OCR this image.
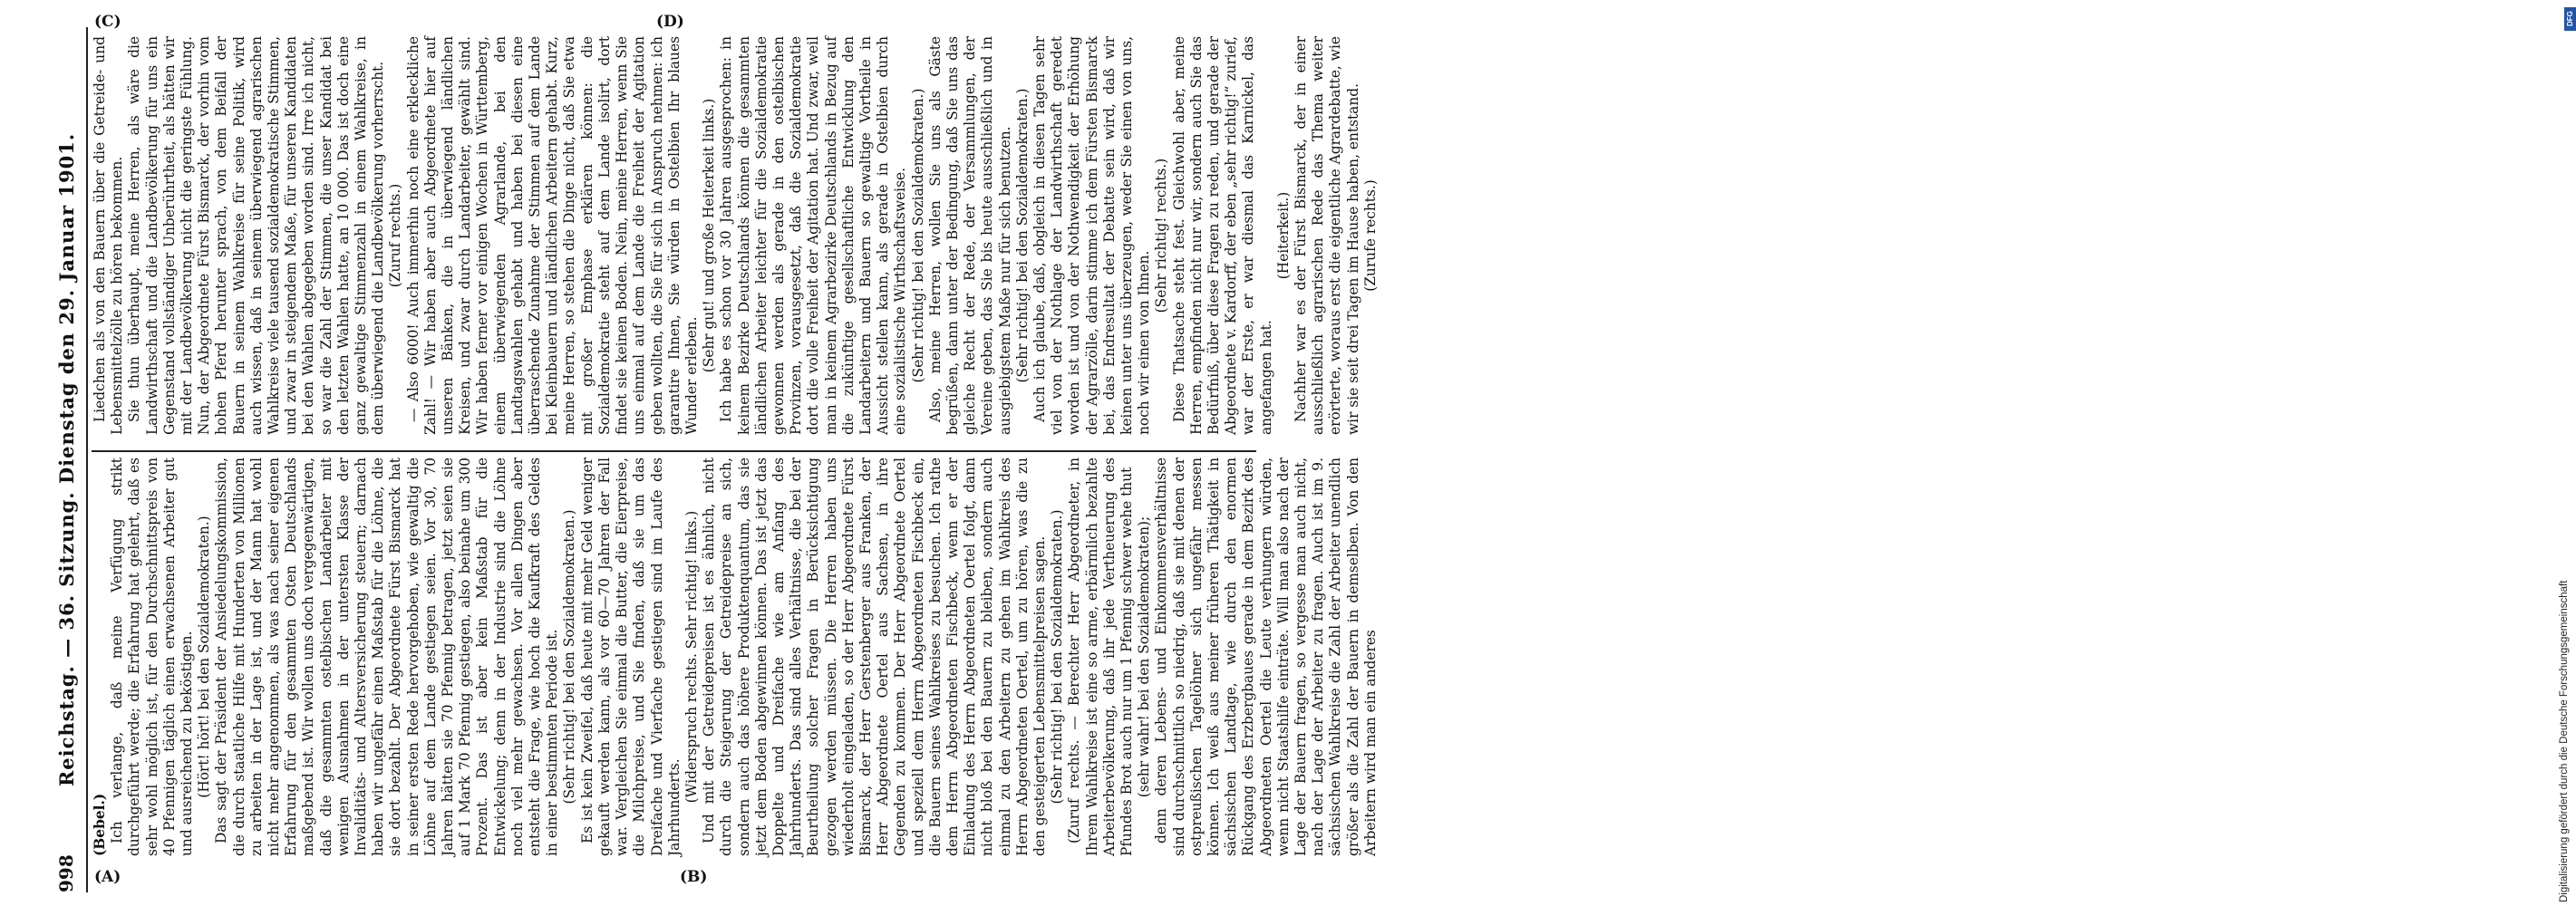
998
Reichstag. — 36. Sitzung. Dienstag den 29. Januar 1901.

(Bebel.) Ich verlange, daß meine Verfügung strikt durchgeführt werde; die Erfahrung hat gelehrt, daß es sehr wohl möglich ist, für den Durchschnittspreis von 40 Pfennigen täglich einen erwachsenen Arbeiter gut und ausreichend zu beköstigen. (Hört! hört! bei den Sozialdemokraten.) Das sagt der Präsident der Ansiedelungskommission, die durch staatliche Hilfe mit Hunderten von Millionen zu arbeiten in der Lage ist, und der Mann hat wohl nicht mehr angenommen, als was nach seiner eigenen Erfahrung für den gesammten Osten Deutschlands maßgebend ist. Wir wollen uns doch vergegenwärtigen, daß die gesammten ostelbischen Landarbeiter mit wenigen Ausnahmen in der untersten Klasse der Invaliditäts- und Altersversicherung steuern; darnach haben wir ungefähr einen Maßstab für die Löhne, die sie dort bezahlt. Der Abgeordnete Fürst Bismarck hat in seiner ersten Rede hervorgehoben, wie gewaltig die Löhne auf dem Lande gestiegen seien. Vor 30, 70 Jahren hätten sie 70 Pfennig betragen, jetzt seien sie auf 1 Mark 70 Pfennig gestiegen, also beinahe um 300 Prozent. Das ist aber kein Maßstab für die Entwickelung; denn in der Industrie sind die Löhne noch viel mehr gewachsen. Vor allen Dingen aber entsteht die Frage, wie hoch die Kaufkraft des Geldes in einer bestimmten Periode ist. (Sehr richtig! bei den Sozialdemokraten.) Es ist kein Zweifel, daß heute mit mehr Geld weniger gekauft werden kann, als vor 60—70 Jahren der Fall war. Vergleichen Sie einmal die Butter, die Eierpreise, die Milchpreise, und Sie finden, daß sie um das Dreifache und Vierfache gestiegen sind im Laufe des Jahrhunderts.

(Widerspruch rechts. Sehr richtig! links.) Und mit der Getreidepreisen ist es ähnlich, nicht durch die Steigerung der Getreidepreise an sich, sondern auch das höhere Produktenquantum, das sie jetzt dem Boden abgewinnen können. Das ist jetzt das Doppelte und Dreifache wie am Anfang des Jahrhunderts. Das sind alles Verhältnisse, die bei der Beurtheilung solcher Fragen in Berücksichtigung gezogen werden müssen. Die Herren haben uns wiederholt eingeladen, so der Herr Abgeordnete Fürst Bismarck, der Herr Gerstenberger aus Franken, der Herr Abgeordnete Oertel aus Sachsen, in ihre Gegenden zu kommen. Der Herr Abgeordnete Oertel und speziell dem Herrn Abgeordneten Fischbeck ein, die Bauern seines Wahlkreises zu besuchen. Ich rathe dem Herrn Abgeordneten Fischbeck, wenn er der Einladung des Herrn Abgeordneten Oertel folgt, dann nicht bloß bei den Bauern zu bleiben, sondern auch einmal zu den Arbeitern zu gehen im Wahlkreis des Herrn Abgeordneten Oertel, um zu hören, was die zu den gesteigerten Lebensmittelpreisen sagen. (Sehr richtig! bei den Sozialdemokraten.) (Zuruf rechts. — Berechter Herr Abgeordneter, in Ihrem Wahlkreise ist eine so arme, erbärmlich bezahlte Arbeiterbevölkerung, daß ihr jede Vertheuerung des Pfundes Brot auch nur um 1 Pfennig schwer wehe thut (sehr wahr! bei den Sozialdemokraten); denn deren Lebens- und Einkommensverhältnisse sind durchschnittlich so niedrig, daß sie mit denen der ostpreußischen Tagelöhner sich ungefähr messen können. Ich weiß aus meiner früheren Thätigkeit in sächsischen Landtage, wie durch den enormen Rückgang des Erzbergbaues gerade in dem Bezirk des Abgeordneten Oertel die Leute verhungern würden, wenn nicht Staatshilfe einträte. Will man also nach der Lage der Bauern fragen, so vergesse man auch nicht, nach der Lage der Arbeiter zu fragen. Auch ist im 9. sächsischen Wahlkreise die Zahl der Arbeiter unendlich größer als die Zahl der Bauern in demselben. Von den Arbeitern wird man ein anderes

Liedchen als von den Bauern über die Getreide- und Lebensmittelzölle zu hören bekommen. Sie thun überhaupt, meine Herren, als wäre die Landwirthschaft und die Landbevölkerung für uns ein Gegenstand vollständiger Unberührtheit, als hätten wir mit der Landbevölkerung nicht die geringste Fühlung. Nun, der Abgeordnete Fürst Bismarck, der vorhin vom hohen Pferd herunter sprach, von dem Beifall der Bauern in seinem Wahlkreise für seine Politik, wird auch wissen, daß in seinem überwiegend agrarischen Wahlkreise viele tausend sozialdemokratische Stimmen, und zwar in steigendem Maße, für unseren Kandidaten bei den Wahlen abgegeben worden sind. Irre ich nicht, so war die Zahl der Stimmen, die unser Kandidat bei den letzten Wahlen hatte, an 10 000. Das ist doch eine ganz gewaltige Stimmenzahl in einem Wahlkreise, in dem überwiegend die Landbevölkerung vorherrscht. (Zuruf rechts.) — Also 6000! Auch immerhin noch eine erkleckliche Zahl! — Wir haben aber auch Abgeordnete hier auf unseren Bänken, die in überwiegend ländlichen Kreisen, und zwar durch Landarbeiter, gewählt sind. Wir haben ferner vor einigen Wochen in Württemberg, einem überwiegenden Agrarlande, bei den Landtagswahlen gehabt und haben bei diesen eine überraschende Zunahme der Stimmen auf dem Lande bei Kleinbauern und ländlichen Arbeitern gehabt. Kurz, meine Herren, so stehen die Dinge nicht, daß Sie etwa mit großer Emphase erklären können: die Sozialdemokratie steht auf dem Lande isolirt, dort findet sie keinen Boden. Nein, meine Herren, wenn Sie uns einmal auf dem Lande die Freiheit der Agitation geben wollten, die Sie für sich in Anspruch nehmen: ich garantire Ihnen, Sie würden in Ostelbien Ihr blaues Wunder erleben.

(Sehr gut! und große Heiterkeit links.) Ich habe es schon vor 30 Jahren ausgesprochen: in keinem Bezirke Deutschlands können die gesammten ländlichen Arbeiter leichter für die Sozialdemokratie gewonnen werden als gerade in den ostelbischen Provinzen, vorausgesetzt, daß die Sozialdemokratie dort die volle Freiheit der Agitation hat. Und zwar, weil man in keinem Agrarbezirke Deutschlands in Bezug auf die zukünftige gesellschaftliche Entwicklung den Landarbeitern und Bauern so gewaltige Vortheile in Aussicht stellen kann, als gerade in Ostelbien durch eine sozialistische Wirthschaftsweise. (Sehr richtig! bei den Sozialdemokraten.) Also, meine Herren, wollen Sie uns als Gäste begrüßen, dann unter der Bedingung, daß Sie uns das gleiche Recht der Rede, der Versammlungen, der Vereine geben, das Sie bis heute ausschließlich und in ausgiebigstem Maße nur für sich benutzen. (Sehr richtig! bei den Sozialdemokraten.) Auch ich glaube, daß, obgleich in diesen Tagen sehr viel von der Nothlage der Landwirthschaft geredet worden ist und von der Nothwendigkeit der Erhöhung der Agrarzölle, darin stimme ich dem Fürsten Bismarck bei, das Endresultat der Debatte sein wird, daß wir keinen unter uns überzeugen, weder Sie einen von uns, noch wir einen von Ihnen.

(Sehr richtig! rechts.) Diese Thatsache steht fest. Gleichwohl aber, meine Herren, empfinden nicht nur wir, sondern auch Sie das Bedürfniß, über diese Fragen zu reden, und gerade der Abgeordnete v. Kardorff, der eben „sehr richtig!“ zurief, war der Erste, er war diesmal das Karnickel, das angefangen hat.

(Heiterkeit.) Nachher war es der Fürst Bismarck, der in einer ausschließlich agrarischen Rede das Thema weiter erörterte, woraus erst die eigentliche Agrardebatte, wie wir sie seit drei Tagen im Hause haben, entstand. (Zurufe rechts.)

(A)	(B)
(C)	(D)	DFG
Digitalisierung gefördert durch die Deutsche Forschungsgemeinschaft
